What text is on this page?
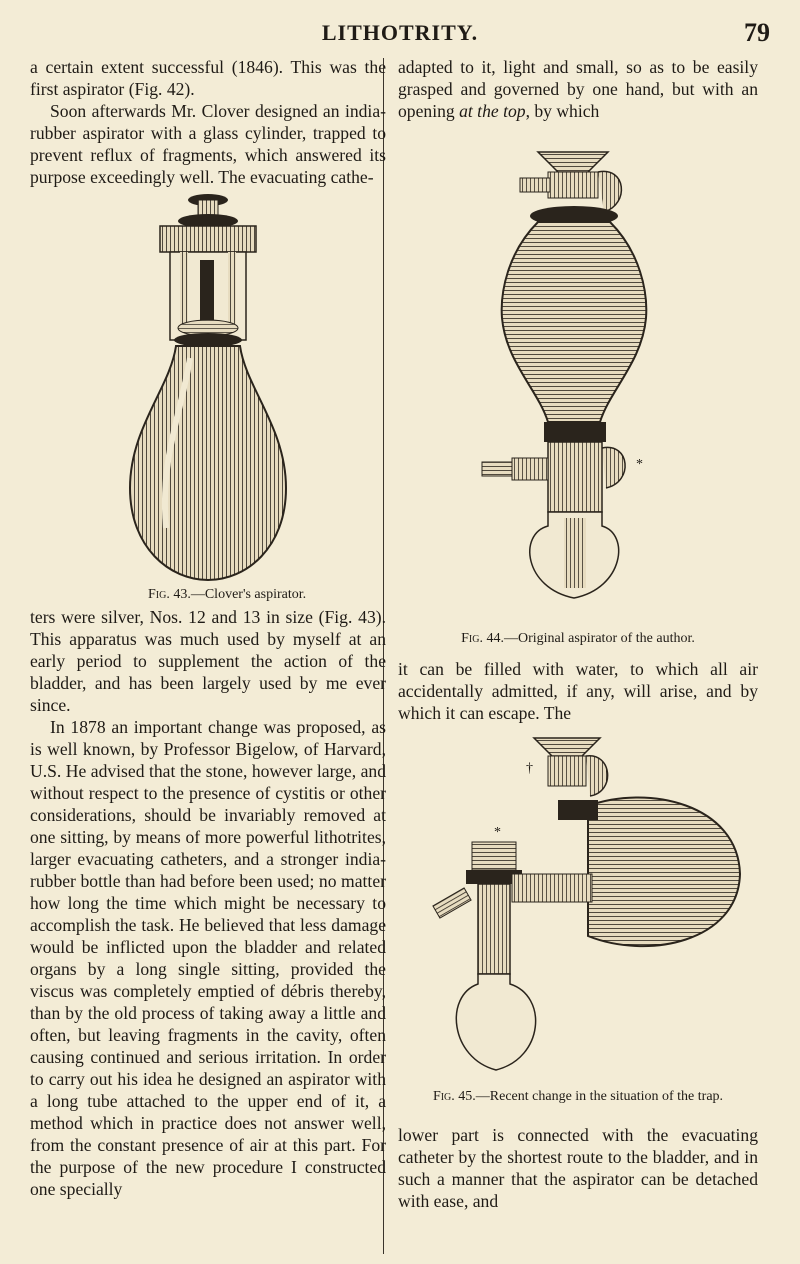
LITHOTRITY.	79

a certain extent successful (1846). This was the first aspirator (Fig. 42).

Soon afterwards Mr. Clover designed an india-rubber aspirator with a glass cylinder, trapped to prevent reflux of fragments, which answered its purpose exceedingly well. The evacuating cathe-

Fig. 43.—Clover's aspirator.

ters were silver, Nos. 12 and 13 in size (Fig. 43). This apparatus was much used by myself at an early period to supplement the action of the bladder, and has been largely used by me ever since.

In 1878 an important change was proposed, as is well known, by Professor Bigelow, of Harvard, U.S. He advised that the stone, however large, and without respect to the presence of cystitis or other considerations, should be invariably removed at one sitting, by means of more powerful lithotrites, larger evacuating catheters, and a stronger india-rubber bottle than had before been used; no matter how long the time which might be necessary to accomplish the task. He believed that less damage would be inflicted upon the bladder and related organs by a long single sitting, provided the viscus was completely emptied of débris thereby, than by the old process of taking away a little and often, but leaving fragments in the cavity, often causing continued and serious irritation. In order to carry out his idea he designed an aspirator with a long tube attached to the upper end of it, a method which in practice does not answer well, from the constant presence of air at this part. For the purpose of the new procedure I constructed one specially

adapted to it, light and small, so as to be easily grasped and governed by one hand, but with an opening at the top, by which

*
Fig. 44.—Original aspirator of the author.

it can be filled with water, to which all air accidentally admitted, if any, will arise, and by which it can escape. The

†
*
Fig. 45.—Recent change in the situation of the trap.

lower part is connected with the evacuating catheter by the shortest route to the bladder, and in such a manner that the aspirator can be detached with ease, and
